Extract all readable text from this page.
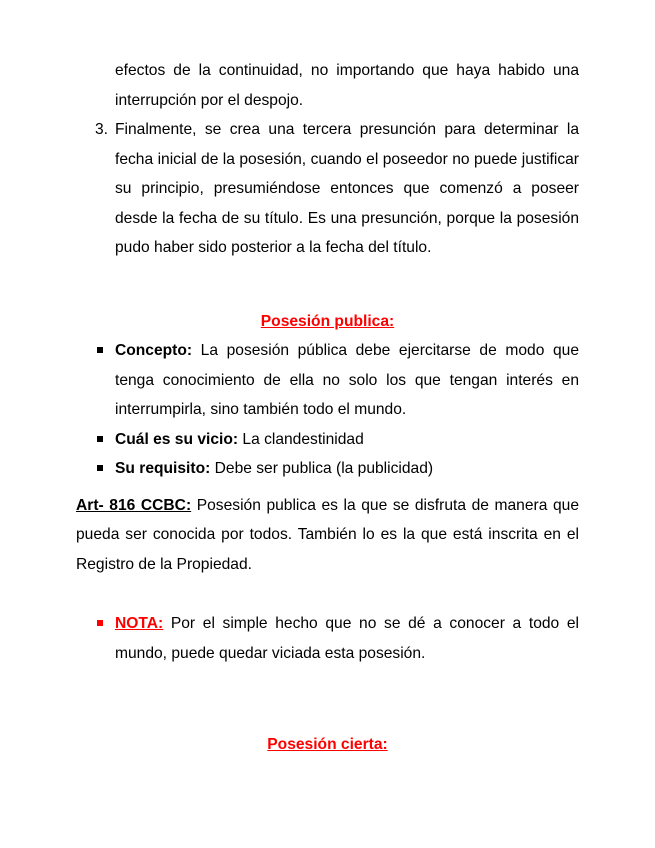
efectos de la continuidad, no importando que haya habido una interrupción por el despojo.

3. Finalmente, se crea una tercera presunción para determinar la fecha inicial de la posesión, cuando el poseedor no puede justificar su principio, presumiéndose entonces que comenzó a poseer desde la fecha de su título. Es una presunción, porque la posesión pudo haber sido posterior a la fecha del título.
Posesión publica:
Concepto: La posesión pública debe ejercitarse de modo que tenga conocimiento de ella no solo los que tengan interés en interrumpirla, sino también todo el mundo.
Cuál es su vicio: La clandestinidad
Su requisito: Debe ser publica (la publicidad)

Art- 816 CCBC: Posesión publica es la que se disfruta de manera que pueda ser conocida por todos. También lo es la que está inscrita en el Registro de la Propiedad.

NOTA: Por el simple hecho que no se dé a conocer a todo el mundo, puede quedar viciada esta posesión.
Posesión cierta:
